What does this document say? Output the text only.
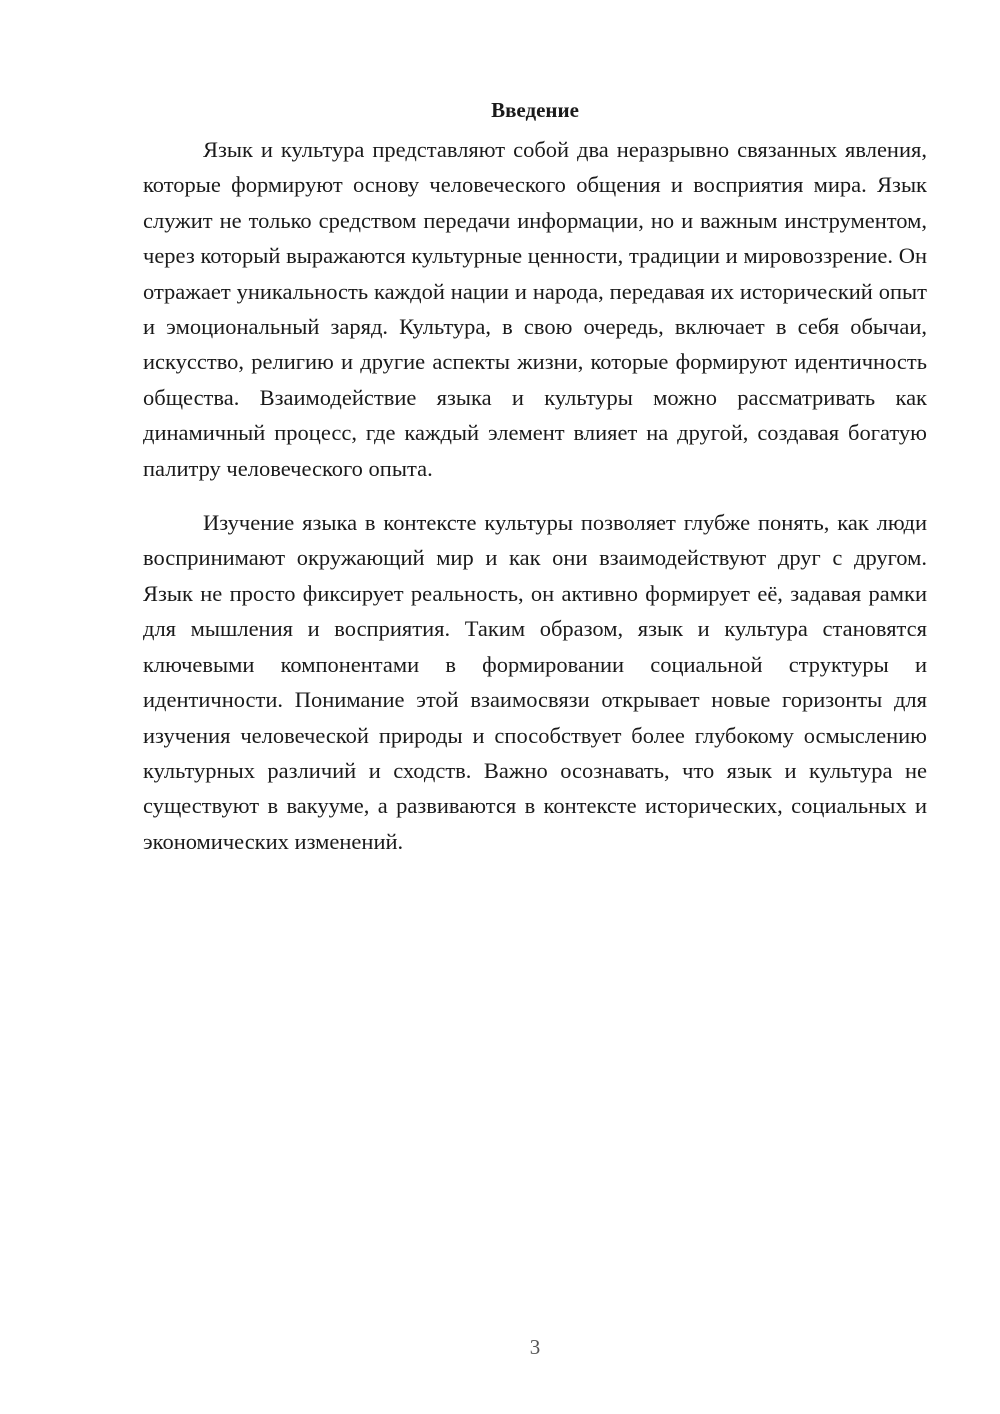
Введение

Язык и культура представляют собой два неразрывно связанных явления, которые формируют основу человеческого общения и восприятия мира. Язык служит не только средством передачи информации, но и важным инструментом, через который выражаются культурные ценности, традиции и мировоззрение. Он отражает уникальность каждой нации и народа, передавая их исторический опыт и эмоциональный заряд. Культура, в свою очередь, включает в себя обычаи, искусство, религию и другие аспекты жизни, которые формируют идентичность общества. Взаимодействие языка и культуры можно рассматривать как динамичный процесс, где каждый элемент влияет на другой, создавая богатую палитру человеческого опыта.

Изучение языка в контексте культуры позволяет глубже понять, как люди воспринимают окружающий мир и как они взаимодействуют друг с другом. Язык не просто фиксирует реальность, он активно формирует её, задавая рамки для мышления и восприятия. Таким образом, язык и культура становятся ключевыми компонентами в формировании социальной структуры и идентичности. Понимание этой взаимосвязи открывает новые горизонты для изучения человеческой природы и способствует более глубокому осмыслению культурных различий и сходств. Важно осознавать, что язык и культура не существуют в вакууме, а развиваются в контексте исторических, социальных и экономических изменений.

3
